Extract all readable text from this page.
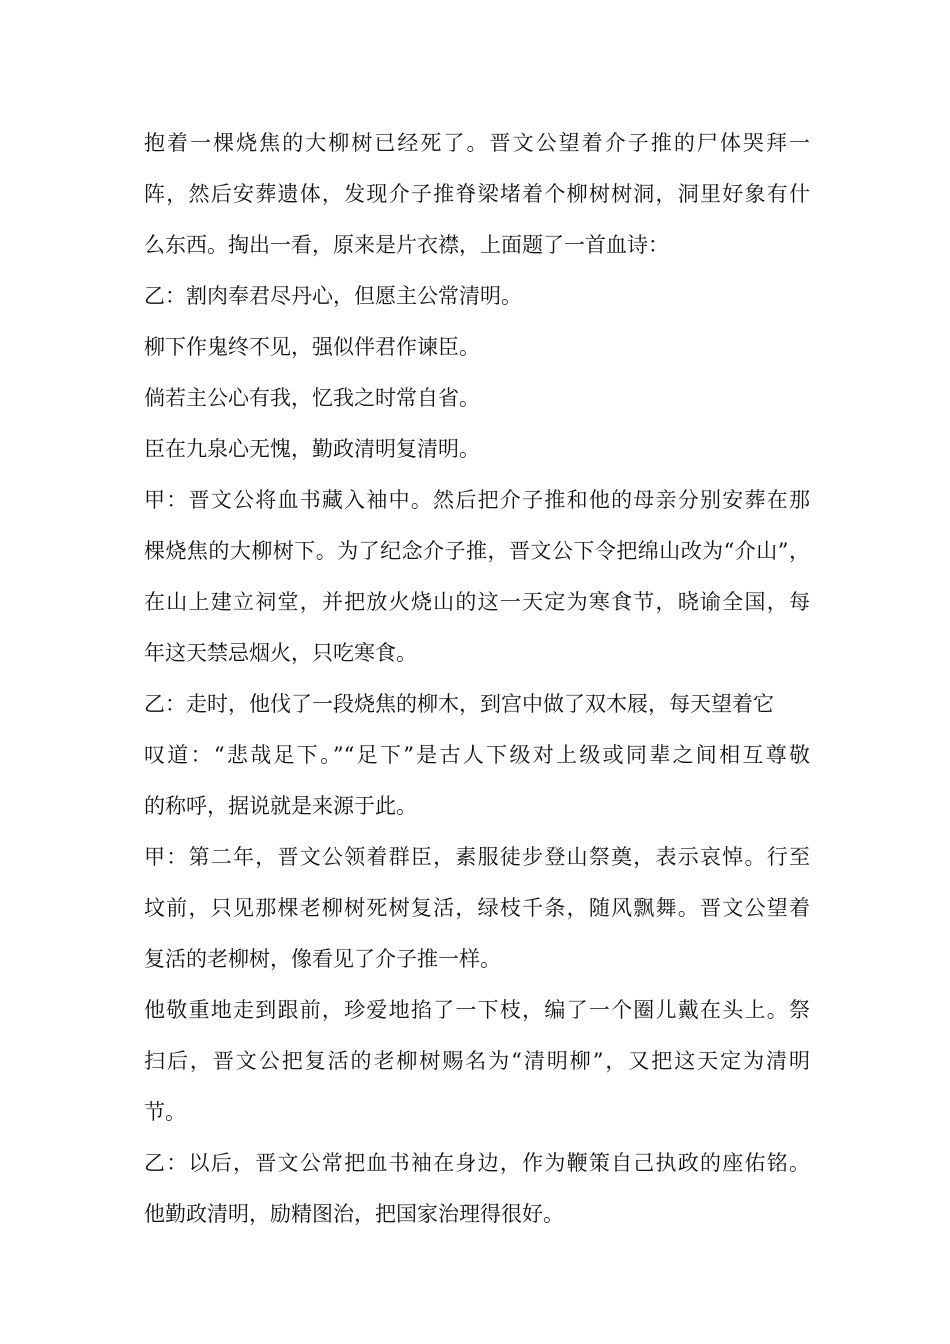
抱着一棵烧焦的大柳树已经死了。晋文公望着介子推的尸体哭拜一

阵，然后安葬遗体，发现介子推脊梁堵着个柳树树洞，洞里好象有什

么东西。掏出一看，原来是片衣襟，上面题了一首血诗：

乙：割肉奉君尽丹心，但愿主公常清明。

柳下作鬼终不见，强似伴君作谏臣。

倘若主公心有我，忆我之时常自省。

臣在九泉心无愧，勤政清明复清明。

甲：晋文公将血书藏入袖中。然后把介子推和他的母亲分别安葬在那

棵烧焦的大柳树下。为了纪念介子推，晋文公下令把绵山改为“介山”，

在山上建立祠堂，并把放火烧山的这一天定为寒食节，晓谕全国，每

年这天禁忌烟火，只吃寒食。

乙：走时，他伐了一段烧焦的柳木，到宫中做了双木屐，每天望着它

叹道：“悲哉足下。”“足下”是古人下级对上级或同辈之间相互尊敬

的称呼，据说就是来源于此。

甲：第二年，晋文公领着群臣，素服徒步登山祭奠，表示哀悼。行至

坟前，只见那棵老柳树死树复活，绿枝千条，随风飘舞。晋文公望着

复活的老柳树，像看见了介子推一样。

他敬重地走到跟前，珍爱地掐了一下枝，编了一个圈儿戴在头上。祭

扫后，晋文公把复活的老柳树赐名为“清明柳”，又把这天定为清明

节。

乙：以后，晋文公常把血书袖在身边，作为鞭策自己执政的座佑铭。

他勤政清明，励精图治，把国家治理得很好。
